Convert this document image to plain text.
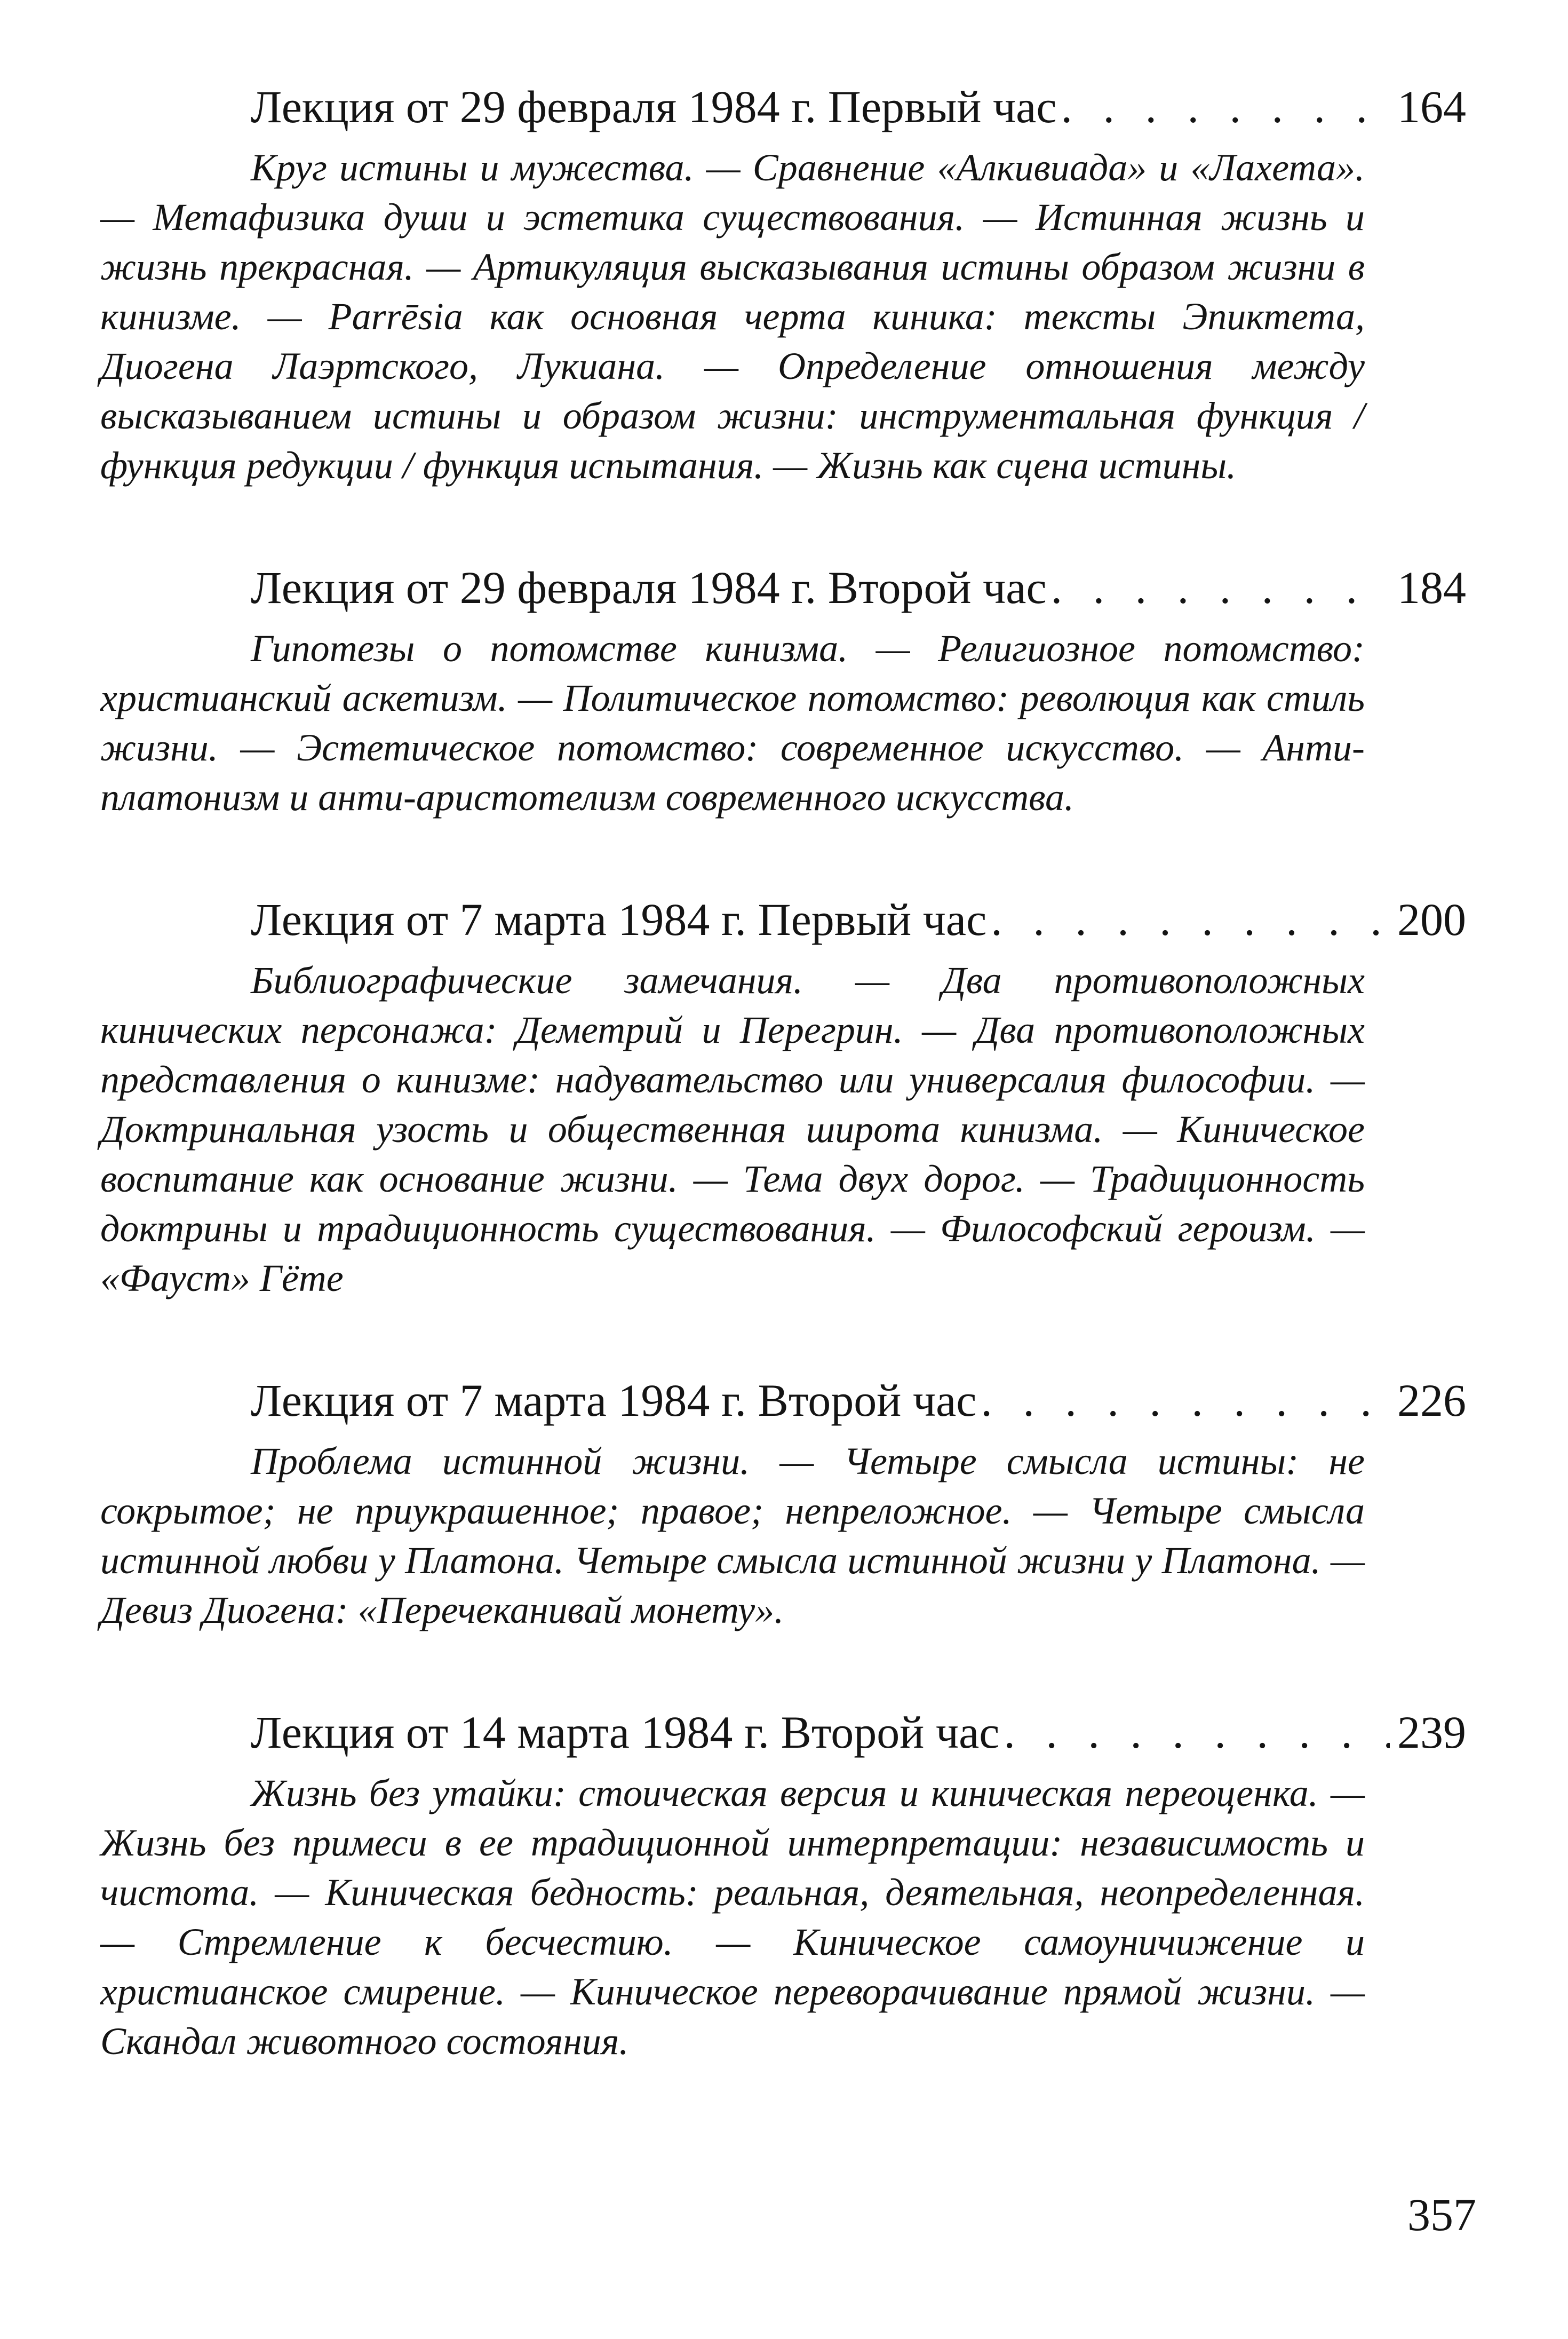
Лекция от 29 февраля 1984 г. Первый час . . .	164
Круг истины и мужества. — Сравнение «Алкивиада» и «Лахета». — Метафизика души и эстетика существования. — Истинная жизнь и жизнь прекрасная. — Артикуляция высказывания истины образом жизни в кинизме. — Parrēsia как основная черта киника: тексты Эпиктета, Диогена Лаэртского, Лукиана. — Определение отношения между высказыванием истины и образом жизни: инструментальная функция / функция редукции / функция испытания. — Жизнь как сцена истины.
Лекция от 29 февраля 1984 г. Второй час . . .	184
Гипотезы о потомстве кинизма. — Религиозное потомство: христианский аскетизм. — Политическое потомство: революция как стиль жизни. — Эстетическое потомство: современное искусство. — Анти-платонизм и анти-аристотелизм современного искусства.
Лекция от 7 марта 1984 г. Первый час . . .	200
Библиографические замечания. — Два противоположных кинических персонажа: Деметрий и Перегрин. — Два противоположных представления о кинизме: надувательство или универсалия философии. — Доктринальная узость и общественная широта кинизма. — Киническое воспитание как основание жизни. — Тема двух дорог. — Традиционность доктрины и традиционность существования. — Философский героизм. — «Фауст» Гёте
Лекция от 7 марта 1984 г. Второй час . . .	226
Проблема истинной жизни. — Четыре смысла истины: не сокрытое; не приукрашенное; правое; непреложное. — Четыре смысла истинной любви у Платона. Четыре смысла истинной жизни у Платона. — Девиз Диогена: «Перечеканивай монету».
Лекция от 14 марта 1984 г. Второй час . . .	239
Жизнь без утайки: стоическая версия и киническая переоценка. — Жизнь без примеси в ее традиционной интерпретации: независимость и чистота. — Киническая бедность: реальная, деятельная, неопределенная. — Стремление к бесчестию. — Киническое самоуничижение и христианское смирение. — Киническое переворачивание прямой жизни. — Скандал животного состояния.
357
